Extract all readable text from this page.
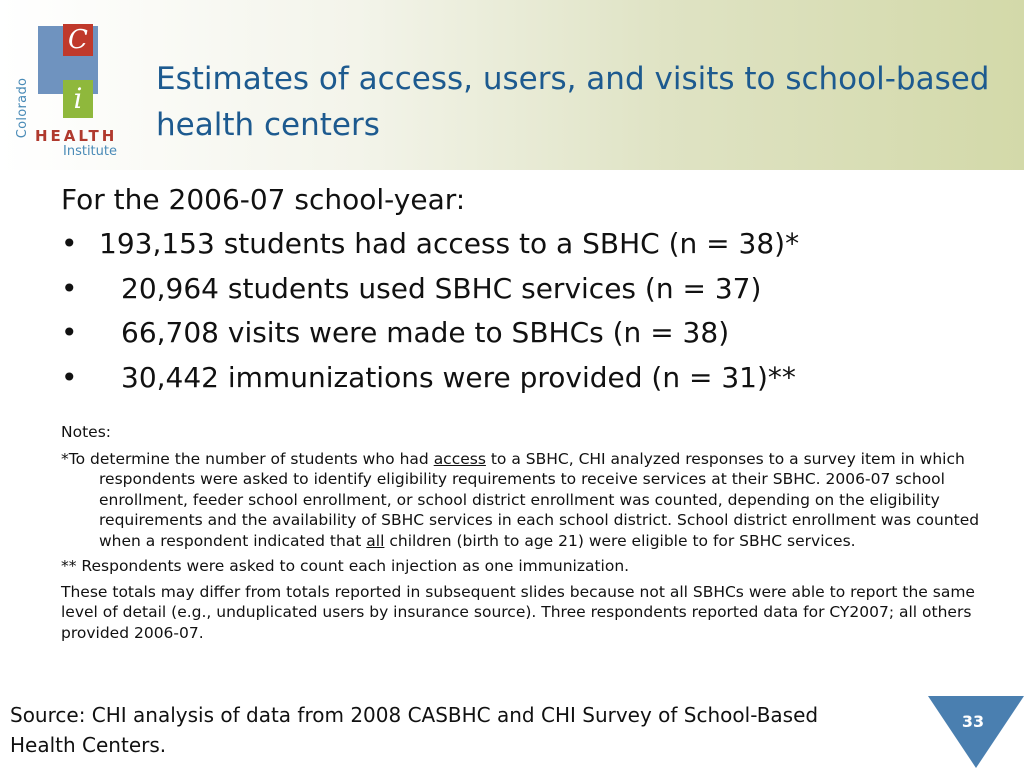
Colorado
C
i
HEALTH
Institute
Estimates of access, users, and visits to school-based health centers
For the 2006-07 school-year:
• 193,153 students had access to a SBHC (n = 38)*
• 20,964 students used SBHC services (n = 37)
• 66,708 visits were made to SBHCs (n = 38)
• 30,442 immunizations were provided (n = 31)**

Notes:

*To determine the number of students who had access to a SBHC, CHI analyzed responses to a survey item in which respondents were asked to identify eligibility requirements to receive services at their SBHC. 2006-07 school enrollment, feeder school enrollment, or school district enrollment was counted, depending on the eligibility requirements and the availability of SBHC services in each school district. School district enrollment was counted when a respondent indicated that all children (birth to age 21) were eligible to for SBHC services.

** Respondents were asked to count each injection as one immunization.

These totals may differ from totals reported in subsequent slides because not all SBHCs were able to report the same level of detail (e.g., unduplicated users by insurance source). Three respondents reported data for CY2007; all others provided 2006-07.

Source: CHI analysis of data from 2008 CASBHC and CHI Survey of School-Based Health Centers.
33
